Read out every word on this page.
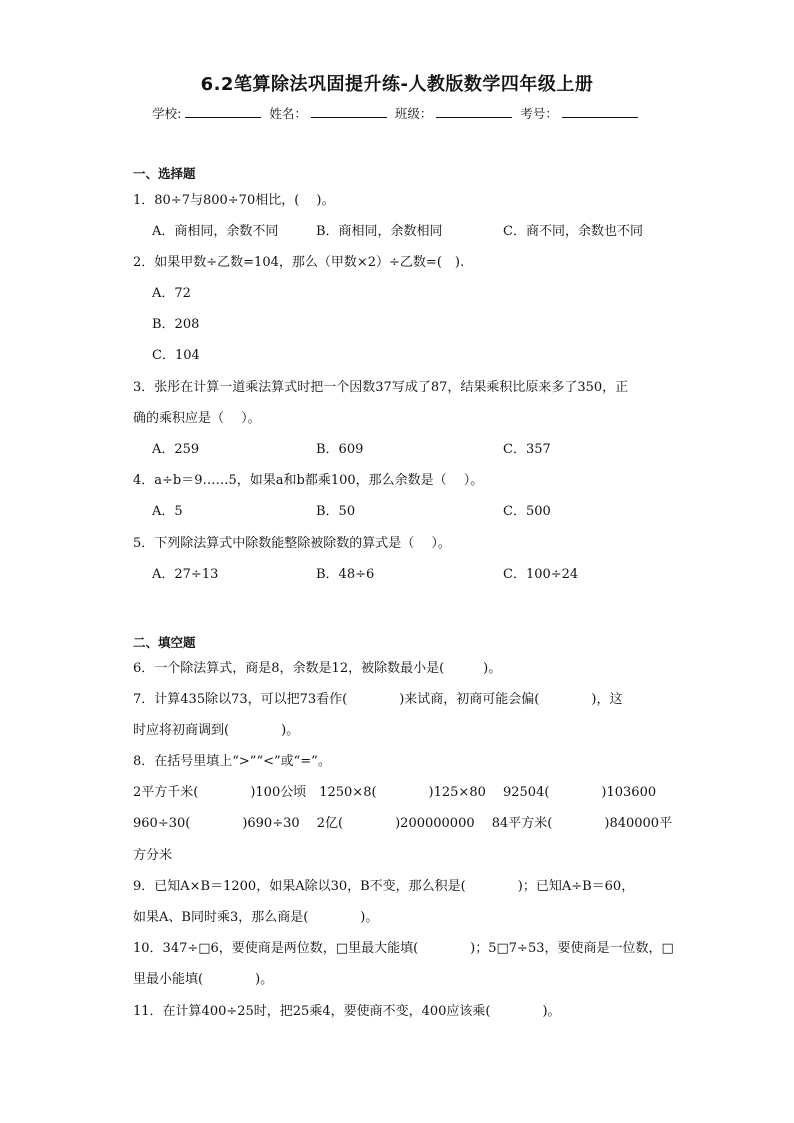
6.2笔算除法巩固提升练-人教版数学四年级上册
学校:	姓名：	班级：	考号：
一、选择题
1．80÷7与800÷70相比，(　 )。
A．商相同，余数不同	B．商相同，余数相同	C．商不同，余数也不同
2．如果甲数÷乙数=104，那么（甲数×2）÷乙数=(　).
A．72
B．208
C．104
3．张彤在计算一道乘法算式时把一个因数37写成了87，结果乘积比原来多了350，正
确的乘积应是（　 ）。
A．259	B．609	C．357
4．a÷b＝9……5，如果a和b都乘100，那么余数是（　 ）。
A．5	B．50	C．500
5．下列除法算式中除数能整除被除数的算式是（　 ）。
A．27÷13	B．48÷6	C．100÷24
二、填空题
6．一个除法算式，商是8，余数是12，被除数最小是(　　　)。
7．计算435除以73，可以把73看作(　　　　)来试商，初商可能会偏(　　　　)，这
时应将初商调到(　　　　)。
8．在括号里填上“>”“<”或“=”。
2平方千米(　　　　)100公顷　1250×8(　　　　)125×80　 92504(　　　　)103600
960÷30(　　　　)690÷30　 2亿(　　　　)200000000　 84平方米(　　　　)840000平
方分米
9．已知A×B＝1200，如果A除以30，B不变，那么积是(　　　　)；已知A÷B＝60，
如果A、B同时乘3，那么商是(　　　　)。
10．347÷□6，要使商是两位数，□里最大能填(　　　　)；5□7÷53，要使商是一位数，□
里最小能填(　　　　)。
11．在计算400÷25时，把25乘4，要使商不变，400应该乘(　　　　)。
